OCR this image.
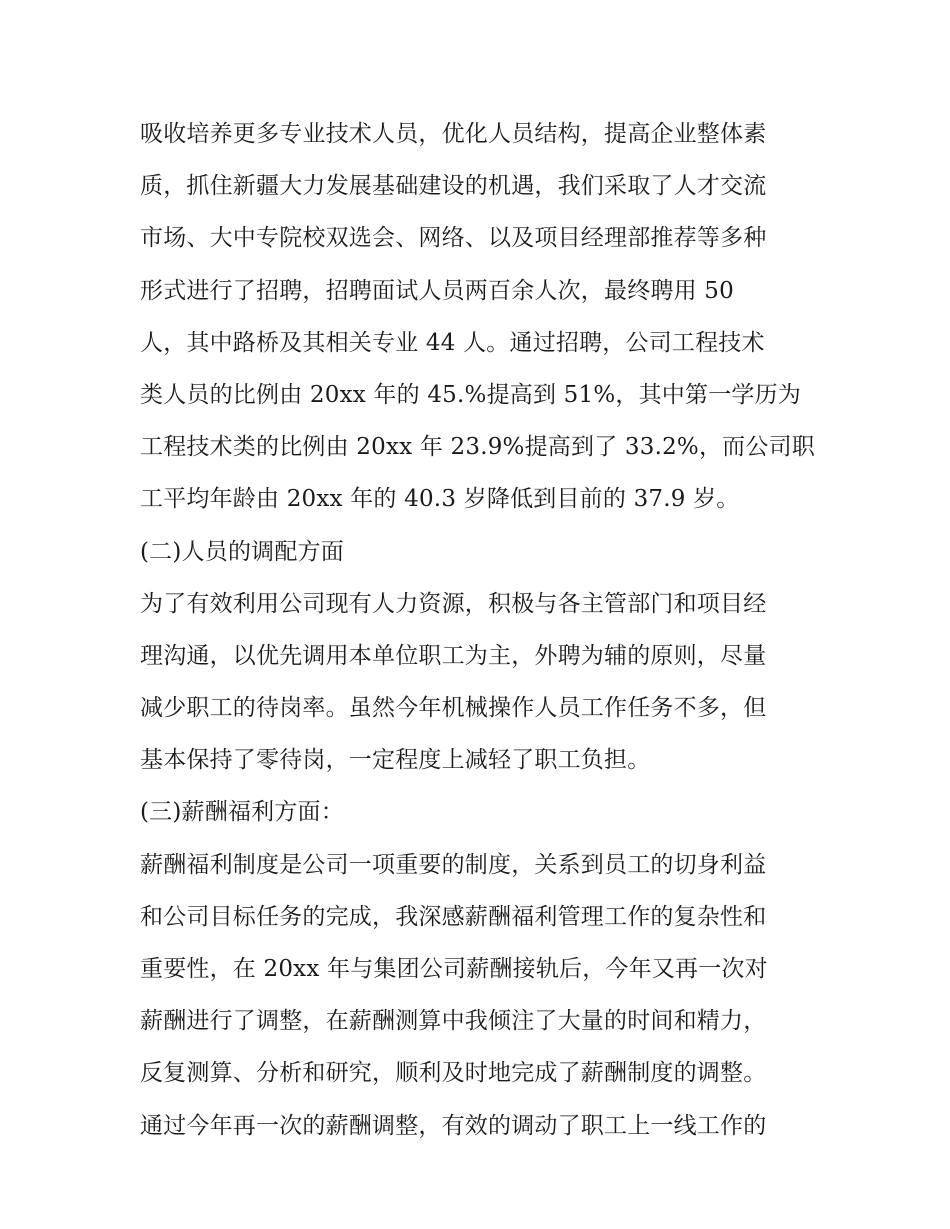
吸收培养更多专业技术人员，优化人员结构，提高企业整体素
质，抓住新疆大力发展基础建设的机遇，我们采取了人才交流
市场、大中专院校双选会、网络、以及项目经理部推荐等多种
形式进行了招聘，招聘面试人员两百余人次，最终聘用 50
人，其中路桥及其相关专业 44 人。通过招聘，公司工程技术
类人员的比例由 20xx 年的 45.%提高到 51%，其中第一学历为
工程技术类的比例由 20xx 年 23.9%提高到了 33.2%，而公司职
工平均年龄由 20xx 年的 40.3 岁降低到目前的 37.9 岁。
(二)人员的调配方面
为了有效利用公司现有人力资源，积极与各主管部门和项目经
理沟通，以优先调用本单位职工为主，外聘为辅的原则，尽量
减少职工的待岗率。虽然今年机械操作人员工作任务不多，但
基本保持了零待岗，一定程度上减轻了职工负担。
(三)薪酬福利方面：
薪酬福利制度是公司一项重要的制度，关系到员工的切身利益
和公司目标任务的完成，我深感薪酬福利管理工作的复杂性和
重要性，在 20xx 年与集团公司薪酬接轨后，今年又再一次对
薪酬进行了调整，在薪酬测算中我倾注了大量的时间和精力，
反复测算、分析和研究，顺利及时地完成了薪酬制度的调整。
通过今年再一次的薪酬调整，有效的调动了职工上一线工作的
